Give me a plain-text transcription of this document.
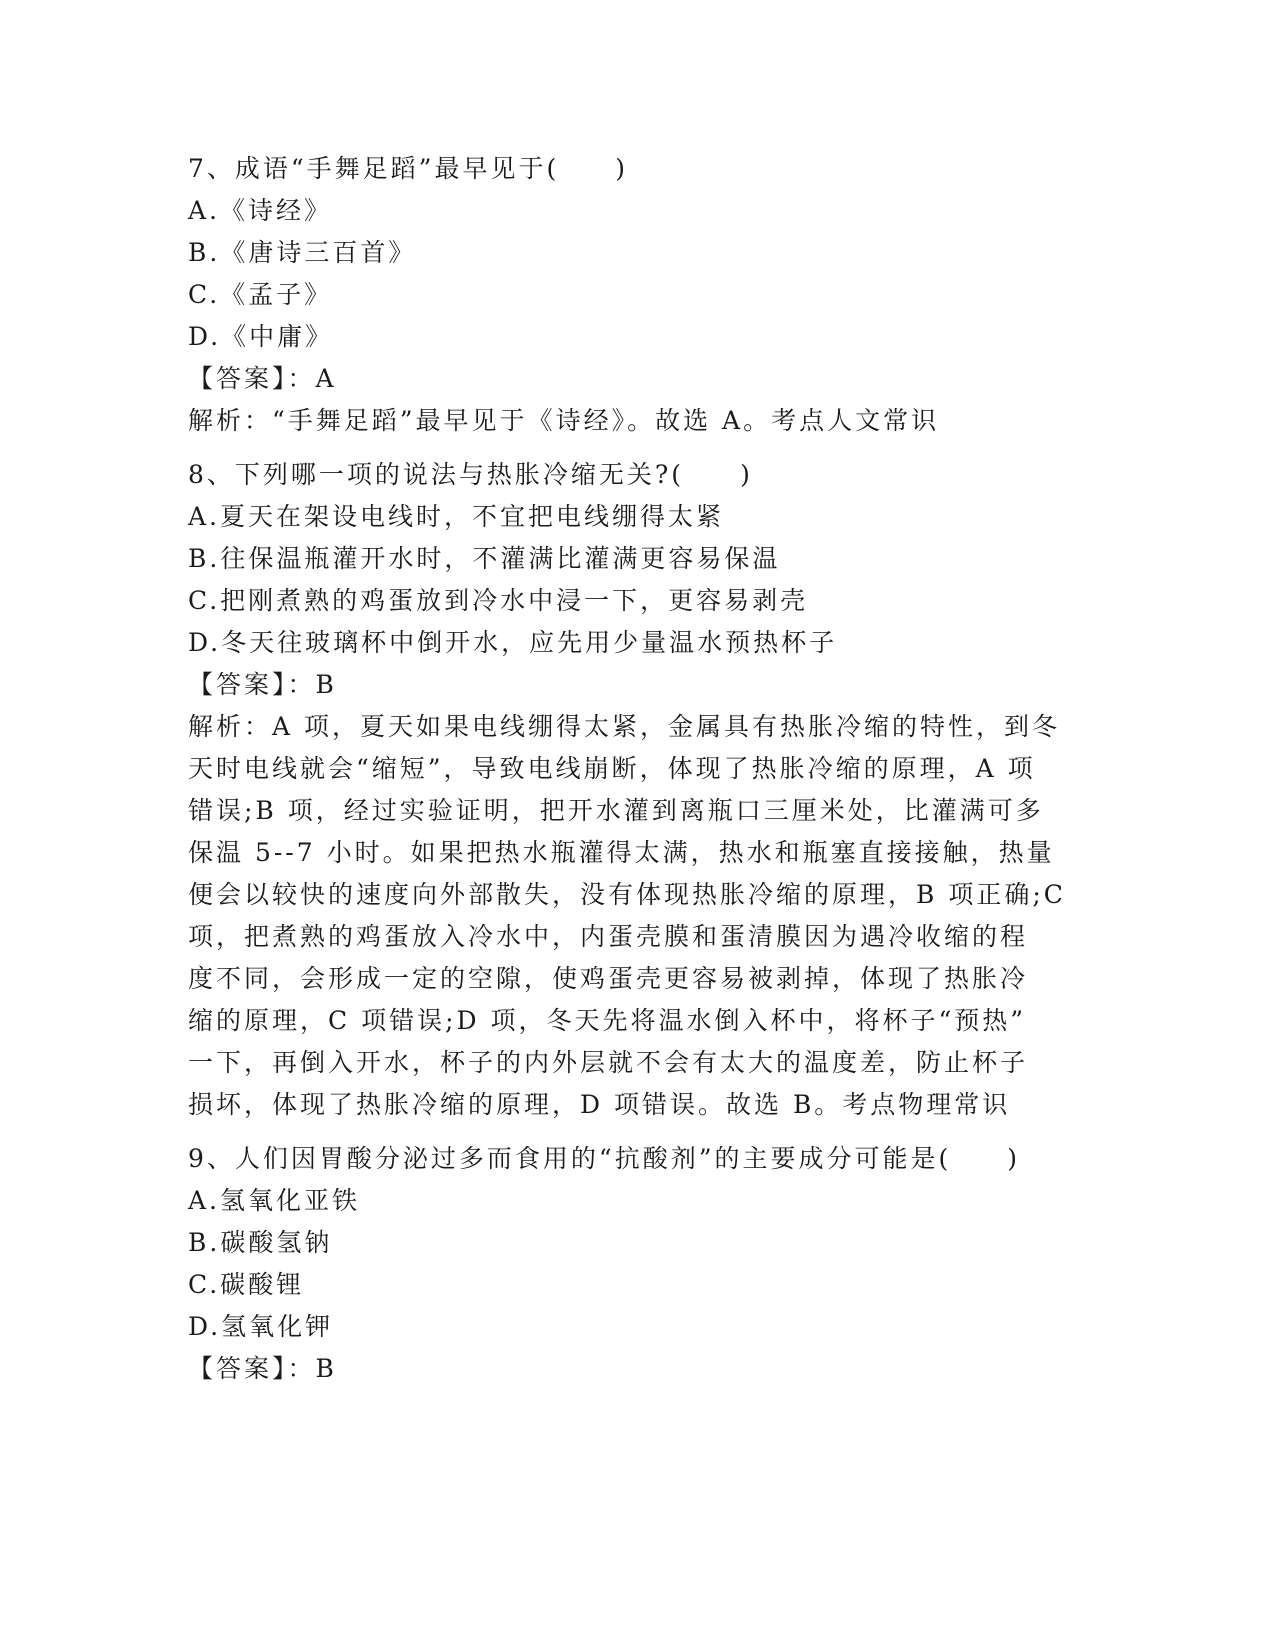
7、成语“手舞足蹈”最早见于(　　)
A.《诗经》
B.《唐诗三百首》
C.《孟子》
D.《中庸》
【答案】：A
解析：“手舞足蹈”最早见于《诗经》。故选 A。考点人文常识
8、下列哪一项的说法与热胀冷缩无关?(　　)
A.夏天在架设电线时，不宜把电线绷得太紧
B.往保温瓶灌开水时，不灌满比灌满更容易保温
C.把刚煮熟的鸡蛋放到冷水中浸一下，更容易剥壳
D.冬天往玻璃杯中倒开水，应先用少量温水预热杯子
【答案】：B
解析：A 项，夏天如果电线绷得太紧，金属具有热胀冷缩的特性，到冬
天时电线就会“缩短”，导致电线崩断，体现了热胀冷缩的原理，A 项
错误;B 项，经过实验证明，把开水灌到离瓶口三厘米处，比灌满可多
保温 5--7 小时。如果把热水瓶灌得太满，热水和瓶塞直接接触，热量
便会以较快的速度向外部散失，没有体现热胀冷缩的原理，B 项正确;C
项，把煮熟的鸡蛋放入冷水中，内蛋壳膜和蛋清膜因为遇冷收缩的程
度不同，会形成一定的空隙，使鸡蛋壳更容易被剥掉，体现了热胀冷
缩的原理，C 项错误;D 项，冬天先将温水倒入杯中，将杯子“预热”
一下，再倒入开水，杯子的内外层就不会有太大的温度差，防止杯子
损坏，体现了热胀冷缩的原理，D 项错误。故选 B。考点物理常识
9、人们因胃酸分泌过多而食用的“抗酸剂”的主要成分可能是(　　)
A.氢氧化亚铁
B.碳酸氢钠
C.碳酸锂
D.氢氧化钾
【答案】：B
